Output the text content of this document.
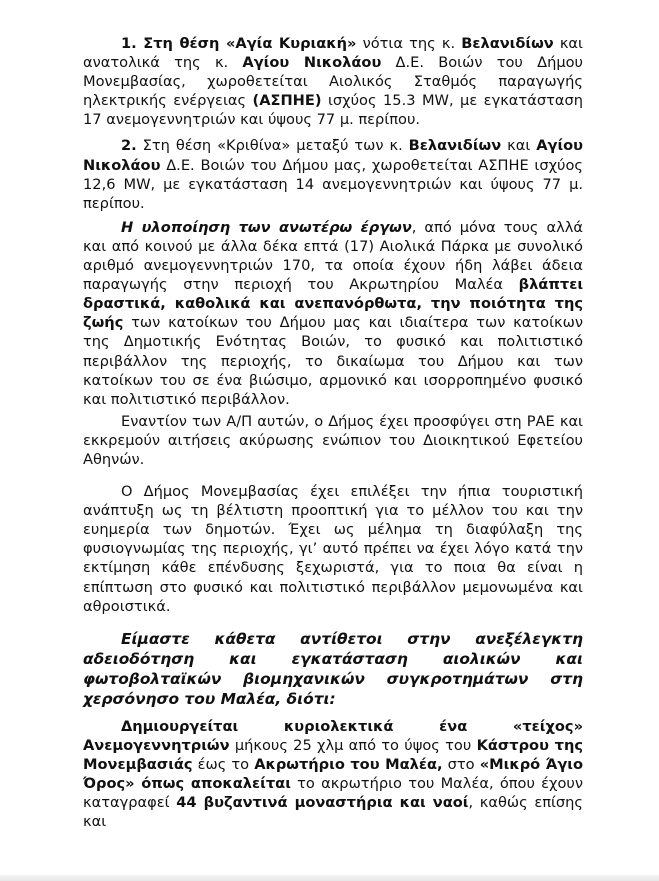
1. Στη θέση «Αγία Κυριακή» νότια της κ. Βελανιδίων και ανατολικά της κ. Αγίου Νικολάου Δ.Ε. Βοιών του Δήμου Μονεμβασίας, χωροθετείται Αιολικός Σταθμός παραγωγής ηλεκτρικής ενέργειας (ΑΣΠΗΕ) ισχύος 15.3 MW, με εγκατάσταση 17 ανεμογεννητριών και ύψους 77 μ. περίπου.

2. Στη θέση «Κριθίνα» μεταξύ των κ. Βελανιδίων και Αγίου Νικολάου Δ.Ε. Βοιών του Δήμου μας, χωροθετείται ΑΣΠΗΕ ισχύος 12,6 MW, με εγκατάσταση 14 ανεμογεννητριών και ύψους 77 μ. περίπου.

Η υλοποίηση των ανωτέρω έργων, από μόνα τους αλλά και από κοινού με άλλα δέκα επτά (17) Αιολικά Πάρκα με συνολικό αριθμό ανεμογεννητριών 170, τα οποία έχουν ήδη λάβει άδεια παραγωγής στην περιοχή του Ακρωτηρίου Μαλέα βλάπτει δραστικά, καθολικά και ανεπανόρθωτα, την ποιότητα της ζωής των κατοίκων του Δήμου μας και ιδιαίτερα των κατοίκων της Δημοτικής Ενότητας Βοιών, το φυσικό και πολιτιστικό περιβάλλον της περιοχής, το δικαίωμα του Δήμου και των κατοίκων του σε ένα βιώσιμο, αρμονικό και ισορροπημένο φυσικό και πολιτιστικό περιβάλλον.

Εναντίον των Α/Π αυτών, ο Δήμος έχει προσφύγει στη ΡΑΕ και εκκρεμούν αιτήσεις ακύρωσης ενώπιον του Διοικητικού Εφετείου Αθηνών.

Ο Δήμος Μονεμβασίας έχει επιλέξει την ήπια τουριστική ανάπτυξη ως τη βέλτιστη προοπτική για το μέλλον του και την ευημερία των δημοτών. Έχει ως μέλημα τη διαφύλαξη της φυσιογνωμίας της περιοχής, γι’ αυτό πρέπει να έχει λόγο κατά την εκτίμηση κάθε επένδυσης ξεχωριστά, για το ποια θα είναι η επίπτωση στο φυσικό και πολιτιστικό περιβάλλον μεμονωμένα και αθροιστικά.

Είμαστε κάθετα αντίθετοι στην ανεξέλεγκτη αδειοδότηση και εγκατάσταση αιολικών και φωτοβολταϊκών βιομηχανικών συγκροτημάτων στη χερσόνησο του Μαλέα, διότι:

Δημιουργείται κυριολεκτικά ένα «τείχος» Ανεμογεννητριών μήκους 25 χλμ από το ύψος του Κάστρου της Μονεμβασιάς έως το Ακρωτήριο του Μαλέα, στο «Μικρό Άγιο Όρος» όπως αποκαλείται το ακρωτήριο του Μαλέα, όπου έχουν καταγραφεί 44 βυζαντινά μοναστήρια και ναοί, καθώς επίσης και
